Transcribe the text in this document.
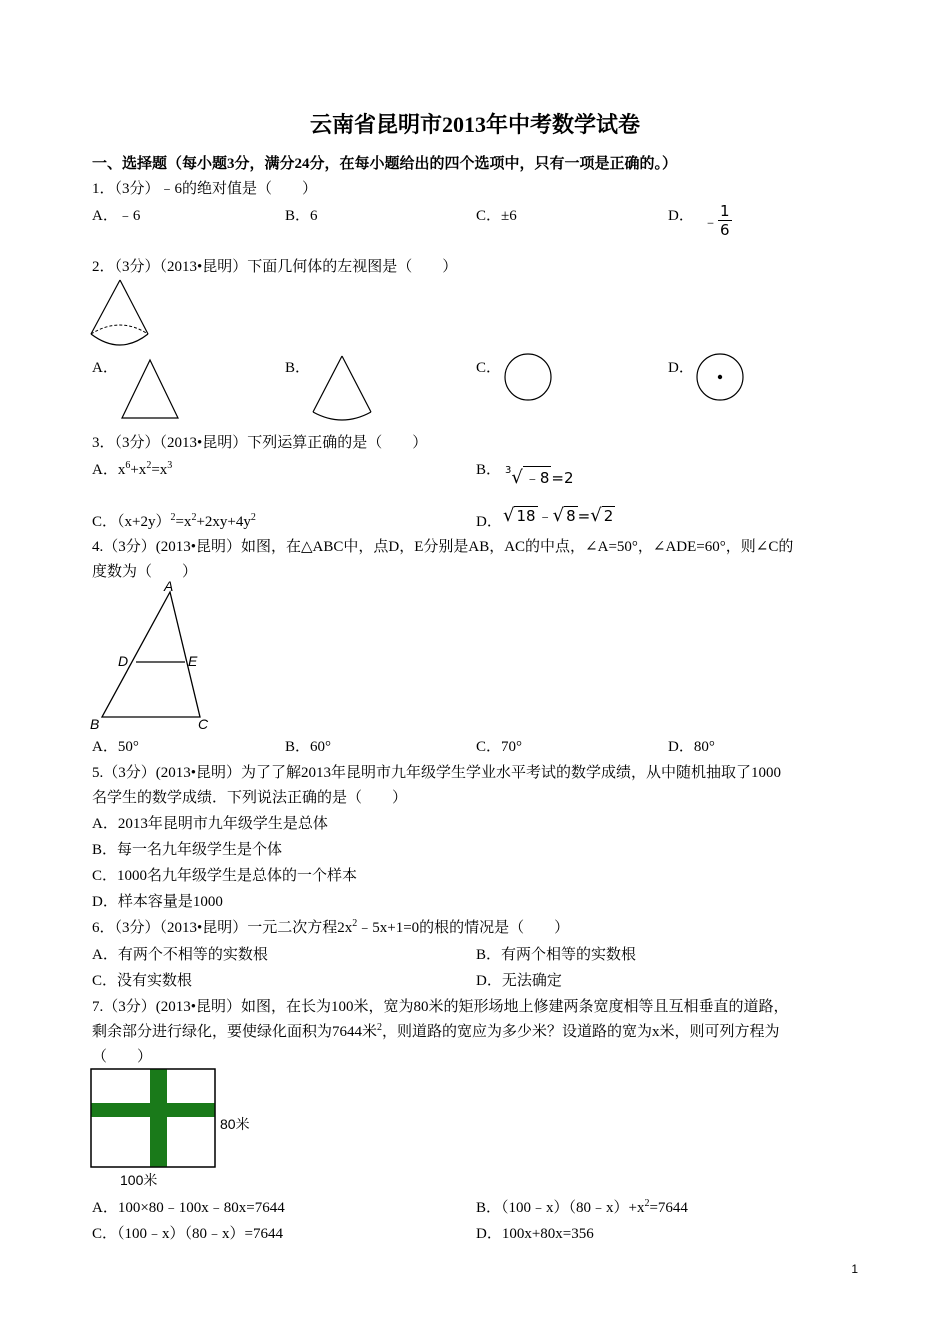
云南省昆明市2013年中考数学试卷
一、选择题（每小题3分，满分24分，在每小题给出的四个选项中，只有一项是正确的。）
1．（3分）﹣6的绝对值是（　　）
A．﹣6	B．6	C．±6	D． ﹣ $\frac{1}{6}$
2．（3分）（2013•昆明）下面几何体的左视图是（　　）
A．	B．	C．	D．
3．（3分）（2013•昆明）下列运算正确的是（　　）
A．$x^6+x^2=x^3$	B． $^3$√ ﹣8 =2
C．$(x+2y)^2=x^2+2xy+4y^2$	D． √ 18 ﹣√ 8 =√ 2
4.（3分）(2013•昆明）如图，在△ABC中，点D，E分别是AB，AC的中点，∠A=50°，∠ADE=60°，则∠C的
度数为（　　）
A
D	E
B	C
A．50°	B．60°	C．70°	D．80°
5.（3分）(2013•昆明）为了了解2013年昆明市九年级学生学业水平考试的数学成绩，从中随机抽取了1000
名学生的数学成绩．下列说法正确的是（　　）
A．2013年昆明市九年级学生是总体
B．每一名九年级学生是个体
C．1000名九年级学生是总体的一个样本
D．样本容量是1000
6．（3分）（2013•昆明）一元二次方程$2x^2﹣5x+1=0$的根的情况是（　　）
A．有两个不相等的实数根	B．有两个相等的实数根
C．没有实数根	D．无法确定
7.（3分）(2013•昆明）如图，在长为100米，宽为80米的矩形场地上修建两条宽度相等且互相垂直的道路，
剩余部分进行绿化，要使绿化面积为7644米$^2$，则道路的宽应为多少米？设道路的宽为x米，则可列方程为
（　　）
80米
100米
A．100×80﹣100x﹣80x=7644	B．$(100﹣x)(80﹣x)+x^2=7644$
C．（100﹣x）（80﹣x）=7644	D．100x+80x=356
1
